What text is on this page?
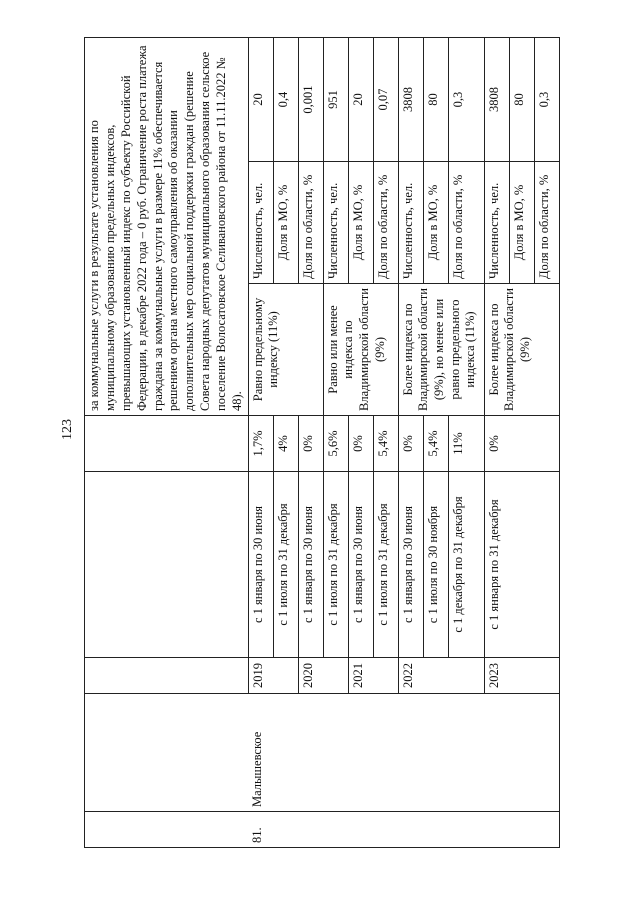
123
					за коммунальные услуги в результате установления по муниципальному образованию предельных индексов, превышающих установленный индекс по субъекту Российской Федерации, в декабре 2022 года – 0 руб. Ограничение роста платежа граждана за коммунальные услуги в размере 11% обеспечивается решением органа местного самоуправления об оказании дополнительных мер социальной поддержки граждан (решение Совета народных депутатов муниципального образования сельское поселение Волосатовское Селивановского района от 11.11.2022 № 48).		
81.	Малышевское	2019	с 1 января по 30 июня	1,7%	Равно предельному индексу (11%)	Численность, чел.	20
			с 1 июля по 31 декабря	4%		Доля в МО, %	0,4
		2020	с 1 января по 30 июня	0%		Доля по области, %	0,001
			с 1 июля по 31 декабря	5,6%	Равно или менее индекса по Владимирской области (9%)	Численность, чел.	951
		2021	с 1 января по 30 июня	0%		Доля в МО, %	20
			с 1 июля по 31 декабря	5,4%		Доля по области, %	0,07
		2022	с 1 января по 30 июня	0%	Более индекса по Владимирской области (9%), но менее или равно предельного индекса (11%)	Численность, чел.	3808
			с 1 июля по 30 ноября	5,4%		Доля в МО, %	80
			с 1 декабря по 31 декабря	11%		Доля по области, %	0,3
		2023	с 1 января по 31 декабря	0%	Более индекса по Владимирской области (9%)	Численность, чел.	3808
						Доля в МО, %	80
						Доля по области, %	0,3
